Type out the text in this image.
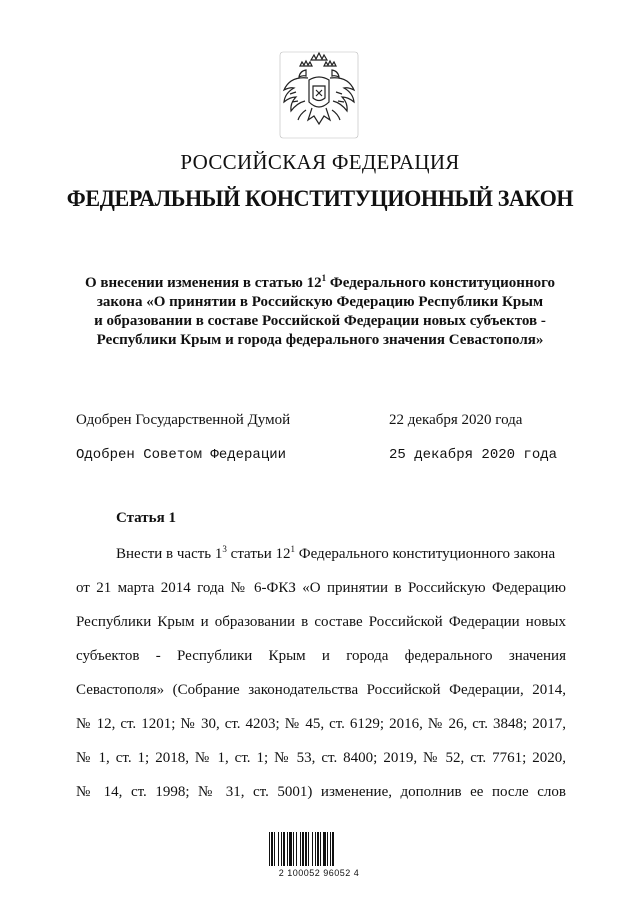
РОССИЙСКАЯ ФЕДЕРАЦИЯ
ФЕДЕРАЛЬНЫЙ КОНСТИТУЦИОННЫЙ ЗАКОН
О внесении изменения в статью $12^1$ Федерального конституционного
закона «О принятии в Российскую Федерацию Республики Крым
и образовании в составе Российской Федерации новых субъектов -
Республики Крым и города федерального значения Севастополя»
Одобрен Государственной Думой	22 декабря 2020 года
Одобрен Советом Федерации	25 декабря 2020 года
Статья 1
Внести в часть $1^3$ статьи $12^1$ Федерального конституционного закона
от 21 марта 2014 года № 6-ФКЗ «О принятии в Российскую Федерацию
Республики Крым и образовании в составе Российской Федерации новых
субъектов - Республики Крым и города федерального значения
Севастополя» (Собрание законодательства Российской Федерации, 2014,
№ 12, ст. 1201; № 30, ст. 4203; № 45, ст. 6129; 2016, № 26, ст. 3848; 2017,
№ 1, ст. 1; 2018, № 1, ст. 1; № 53, ст. 8400; 2019, № 52, ст. 7761; 2020,
№ 14, ст. 1998; № 31, ст. 5001) изменение, дополнив ее после слов
2 100052 96052 4
